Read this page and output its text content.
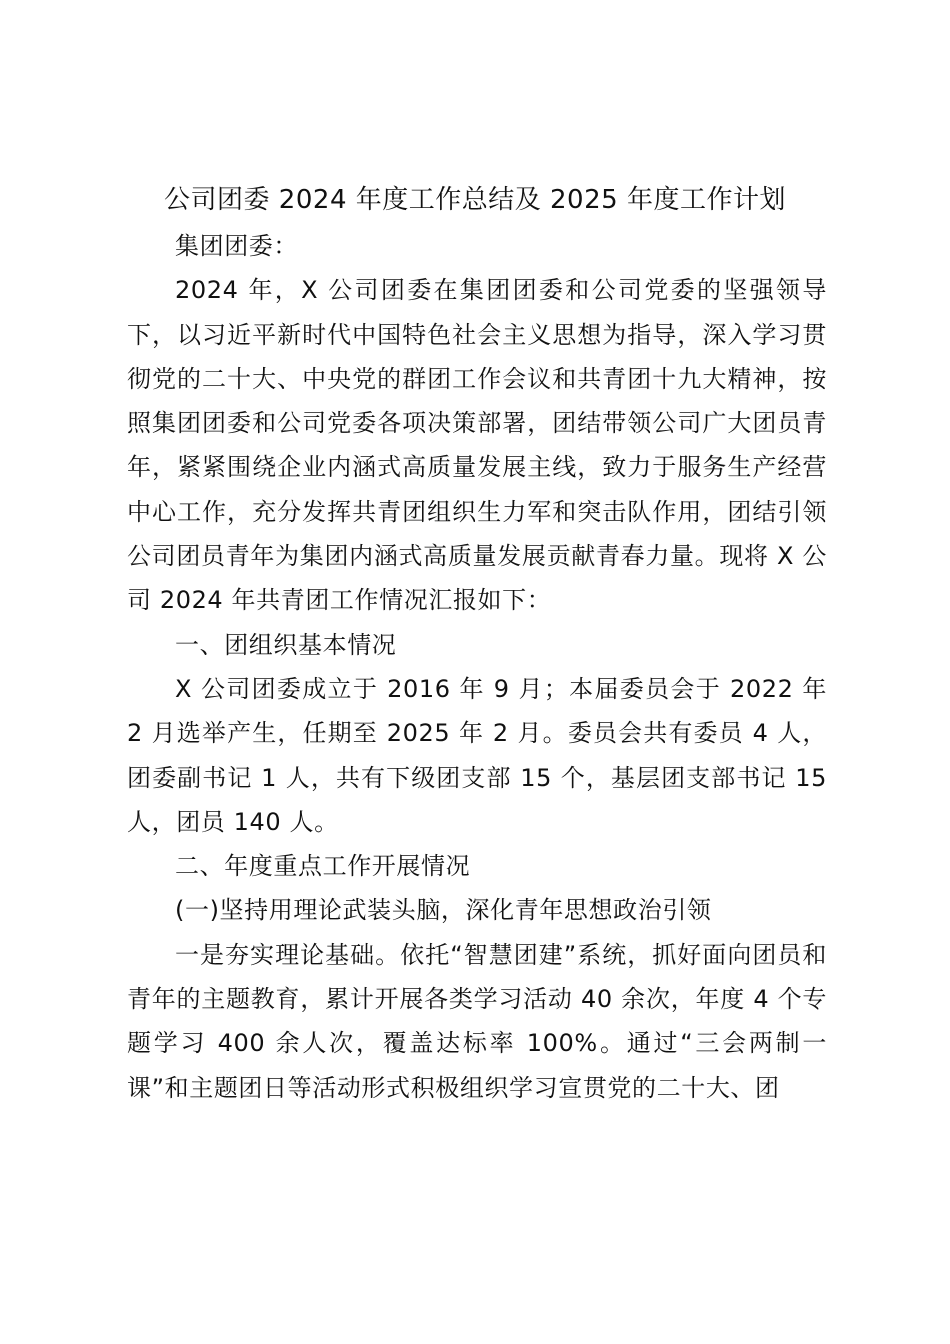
公司团委 2024 年度工作总结及 2025 年度工作计划

集团团委：

2024 年，X 公司团委在集团团委和公司党委的坚强领导下，以习近平新时代中国特色社会主义思想为指导，深入学习贯彻党的二十大、中央党的群团工作会议和共青团十九大精神，按照集团团委和公司党委各项决策部署，团结带领公司广大团员青年，紧紧围绕企业内涵式高质量发展主线，致力于服务生产经营中心工作，充分发挥共青团组织生力军和突击队作用，团结引领公司团员青年为集团内涵式高质量发展贡献青春力量。现将 X 公司 2024 年共青团工作情况汇报如下：

一、团组织基本情况

X 公司团委成立于 2016 年 9 月；本届委员会于 2022 年 2 月选举产生，任期至 2025 年 2 月。委员会共有委员 4 人，团委副书记 1 人，共有下级团支部 15 个，基层团支部书记 15 人，团员 140 人。

二、年度重点工作开展情况

(一)坚持用理论武装头脑，深化青年思想政治引领

一是夯实理论基础。依托“智慧团建”系统，抓好面向团员和青年的主题教育，累计开展各类学习活动 40 余次，年度 4 个专题学习 400 余人次，覆盖达标率 100%。通过“三会两制一课”和主题团日等活动形式积极组织学习宣贯党的二十大、团
